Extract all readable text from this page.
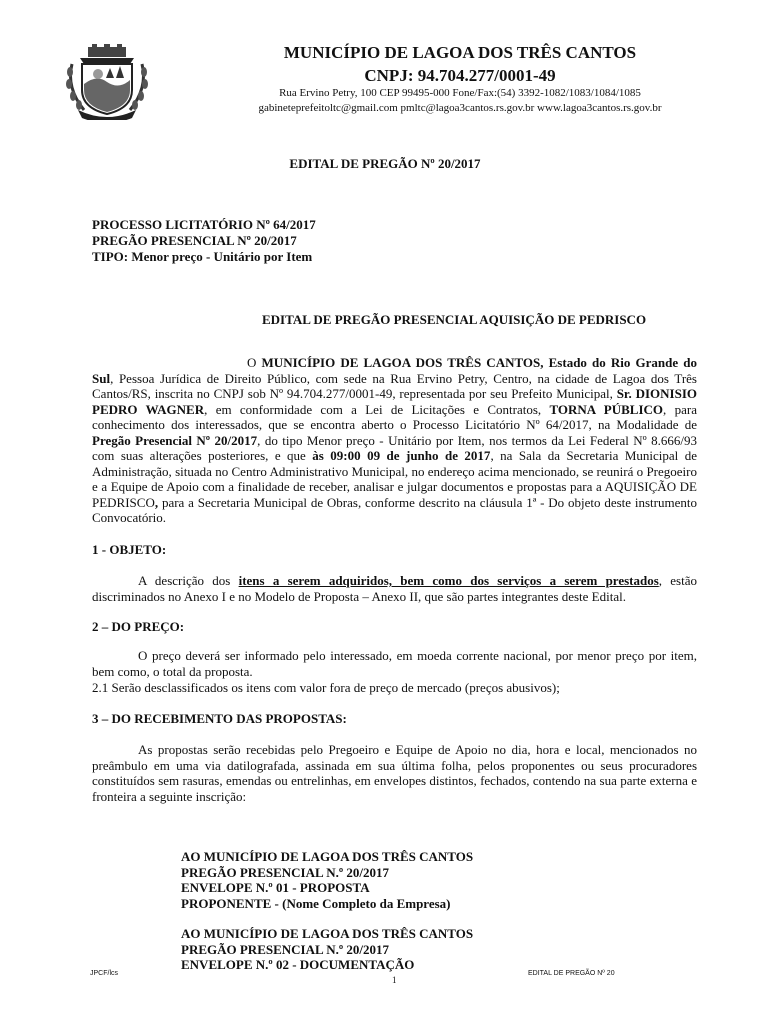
MUNICÍPIO DE LAGOA DOS TRÊS CANTOS
CNPJ: 94.704.277/0001-49
Rua Ervino Petry, 100 CEP 99495-000 Fone/Fax:(54) 3392-1082/1083/1084/1085
gabineteprefeitoltc@gmail.com pmltc@lagoa3cantos.rs.gov.br www.lagoa3cantos.rs.gov.br
EDITAL DE PREGÃO Nº 20/2017
PROCESSO LICITATÓRIO Nº 64/2017
PREGÃO PRESENCIAL Nº 20/2017
TIPO: Menor preço - Unitário por Item
EDITAL DE PREGÃO PRESENCIAL AQUISIÇÃO DE PEDRISCO
O MUNICÍPIO DE LAGOA DOS TRÊS CANTOS, Estado do Rio Grande do Sul, Pessoa Jurídica de Direito Público, com sede na Rua Ervino Petry, Centro, na cidade de Lagoa dos Três Cantos/RS, inscrita no CNPJ sob Nº 94.704.277/0001-49, representada por seu Prefeito Municipal, Sr. DIONISIO PEDRO WAGNER, em conformidade com a Lei de Licitações e Contratos, TORNA PÚBLICO, para conhecimento dos interessados, que se encontra aberto o Processo Licitatório Nº 64/2017, na Modalidade de Pregão Presencial Nº 20/2017, do tipo Menor preço - Unitário por Item, nos termos da Lei Federal Nº 8.666/93 com suas alterações posteriores, e que às 09:00 09 de junho de 2017, na Sala da Secretaria Municipal de Administração, situada no Centro Administrativo Municipal, no endereço acima mencionado, se reunirá o Pregoeiro e a Equipe de Apoio com a finalidade de receber, analisar e julgar documentos e propostas para a AQUISIÇÃO DE PEDRISCO, para a Secretaria Municipal de Obras, conforme descrito na cláusula 1ª - Do objeto deste instrumento Convocatório.
1 - OBJETO:
A descrição dos itens a serem adquiridos, bem como dos serviços a serem prestados, estão discriminados no Anexo I e no Modelo de Proposta – Anexo II, que são partes integrantes deste Edital.
2 – DO PREÇO:
O preço deverá ser informado pelo interessado, em moeda corrente nacional, por menor preço por item, bem como, o total da proposta.
2.1 Serão desclassificados os itens com valor fora de preço de mercado (preços abusivos);
3 – DO RECEBIMENTO DAS PROPOSTAS:
As propostas serão recebidas pelo Pregoeiro e Equipe de Apoio no dia, hora e local, mencionados no preâmbulo em uma via datilografada, assinada em sua última folha, pelos proponentes ou seus procuradores constituídos sem rasuras, emendas ou entrelinhas, em envelopes distintos, fechados, contendo na sua parte externa e fronteira a seguinte inscrição:
AO MUNICÍPIO DE LAGOA DOS TRÊS CANTOS
PREGÃO PRESENCIAL N.º 20/2017
ENVELOPE N.º 01 - PROPOSTA
PROPONENTE - (Nome Completo da Empresa)
AO MUNICÍPIO DE LAGOA DOS TRÊS CANTOS
PREGÃO PRESENCIAL N.º 20/2017
ENVELOPE N.º 02 - DOCUMENTAÇÃO
JPCF/lcs
1
EDITAL DE PREGÃO Nº 20
